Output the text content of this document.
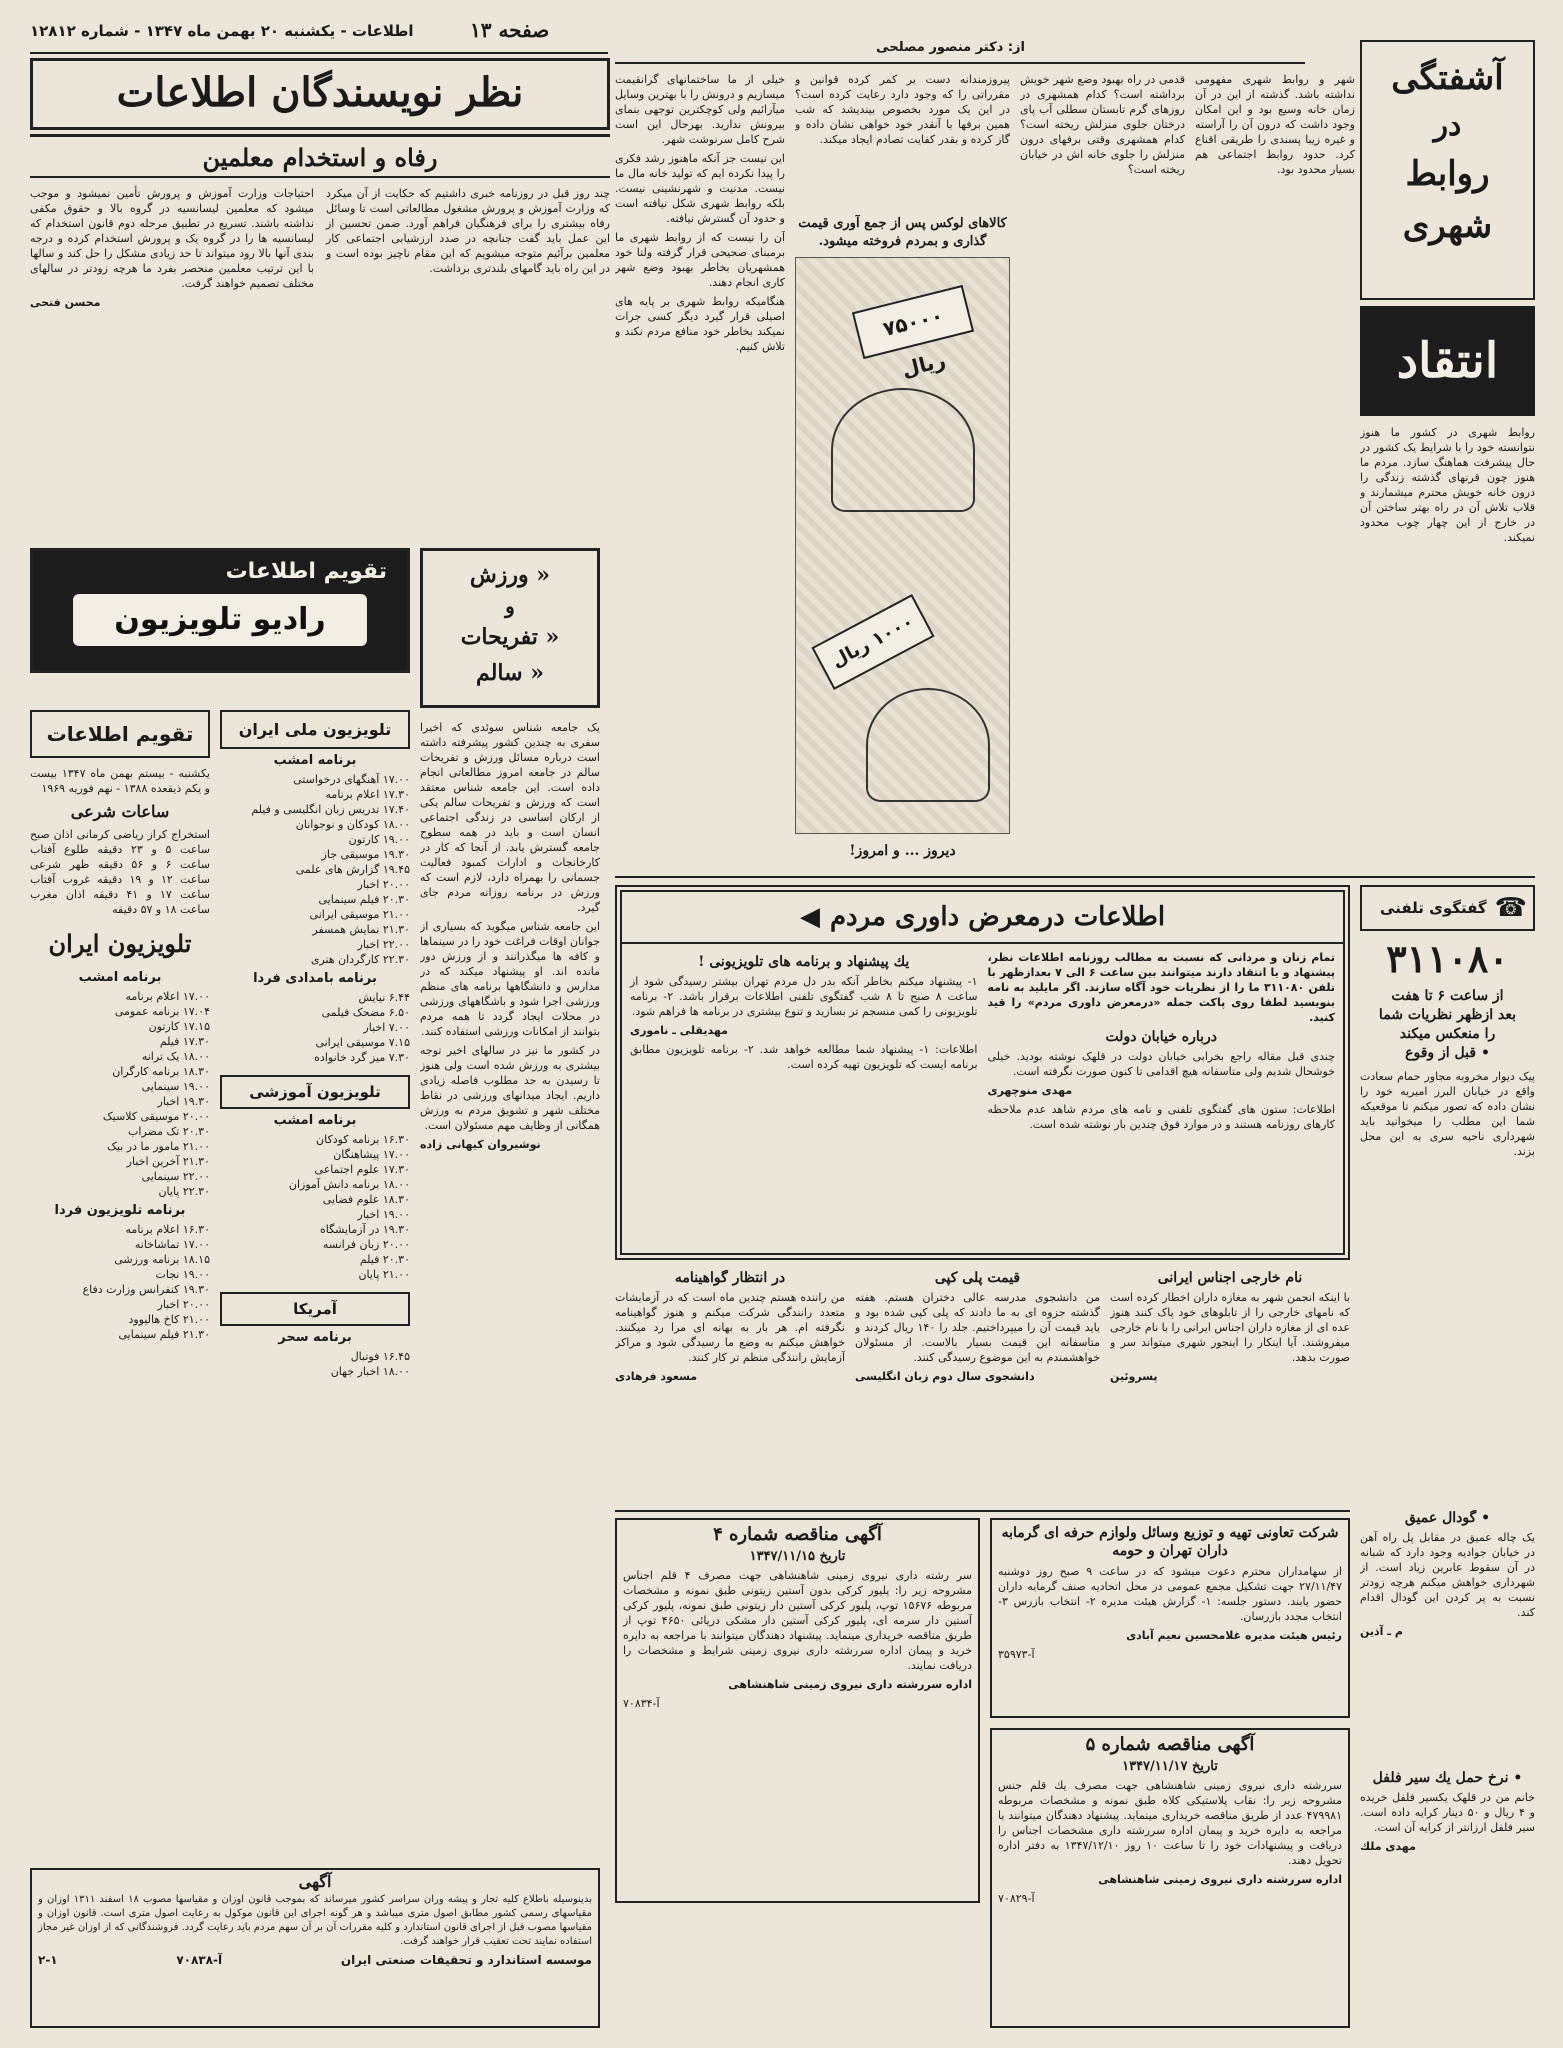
اطلاعات - یکشنبه ۲۰ بهمن ماه ۱۳۴۷ - شماره ۱۲۸۱۲	صفحه ۱۳
نظر نویسندگان اطلاعات
رفاه و استخدام معلمین

چند روز قبل در روزنامه خبری داشتیم که حکایت از آن میکرد که وزارت آموزش و پرورش مشغول مطالعاتی است تا وسائل رفاه بیشتری را برای فرهنگیان فراهم آورد. ضمن تحسین از این عمل باید گفت جنانچه در صدد ارزشیابی اجتماعی کار معلمین برآئیم متوجه میشویم که این مقام ناچیز بوده است و در این راه باید گامهای بلندتری برداشت.

احتیاجات وزارت آموزش و پرورش تأمین نمیشود و موجب میشود که معلمین لیسانسیه در گروه بالا و حقوق مکفی نداشته باشند. تسریع در تطبیق مرحله دوم قانون استخدام که لیسانسیه ها را در گروه یک و پرورش استخدام کرده و درجه بندی آنها بالا رود میتواند تا حد زیادی مشکل را حل کند و سالها با این ترتیب معلمین منحصر بفرد ما هرچه زودتر در سالهای مختلف تصمیم خواهند گرفت.

محسن فتحی

از: دکتر منصور مصلحی
آشفتگی
در
روابط
شهری
انتقاد

روابط شهری در کشور ما هنوز نتوانسته خود را با شرایط یک کشور در حال پیشرفت هماهنگ سازد. مردم ما هنوز چون قرنهای گذشته زندگی را درون خانه خویش محترم میشمارند و قلاب تلاش آن در راه بهتر ساختن آن در خارج از این چهار چوب محدود نمیکند.

شهر و روابط شهری مفهومی نداشته باشد. گذشته از این در آن زمان خانه وسیع بود و این امکان وجود داشت که درون آن را آراسته و غیره زیبا پسندی را طریقی اقناع کرد. حدود روابط اجتماعی هم بسیار محدود بود.

قدمی در راه بهبود وضع شهر خویش برداشته است؟ کدام همشهری در روزهای گرم تابستان سطلی آب پای درختان جلوی منزلش ریخته است؟ کدام همشهری وقتی برفهای درون منزلش را جلوی خانه اش در خیابان ریخته است؟

پیروزمندانه دست بر کمر کرده قوانین و مقرراتی را که وجود دارد رعایت کرده است؟ در این یک مورد بخصوص بیندیشد که شب همین برفها با آنقدر خود خواهی نشان داده و گاز کرده و بقدر کفایت تصادم ایجاد میکند.

خیلی از ما ساختمانهای گرانقیمت میسازیم و درونش را با بهترین وسایل میآرائیم ولی کوچکترین توجهی بنمای بیرونش ندارید. بهرحال این است شرح کامل سرنوشت شهر.

این نیست جز آنکه ماهنوز رشد فکری را پیدا نکرده ایم که تولید خانه مال ما نیست. مدنیت و شهرنشینی نیست. بلکه روابط شهری شکل نیافته است و حدود آن گسترش نیافته.

آن را نیست که از روابط شهری ما برمبنای صحیحی قرار گرفته ولتا خود همشهریان بخاطر بهبود وضع شهر کاری انجام دهند.

هنگامیکه روابط شهری بر پایه های اصیلی قرار گیرد دیگر کسی جرات نمیکند بخاطر خود منافع مردم نکند و تلاش کنیم.

کالاهای لوکس پس از جمع آوری قیمت گذاری و بمردم فروخته میشود.
۷۵۰۰۰ ریال
۱۰۰۰ ریال
دیروز ... و امروز!
تقویم اطلاعات
رادیو تلویزیون
تقویم اطلاعات

یکشنبه - بیستم بهمن ماه ۱۳۴۷ بیست و یکم ذیقعده ۱۳۸۸ - نهم فوریه ۱۹۶۹

ساعات شرعی

استخراج کراز ریاضی کرمانی اذان صبح ساعت ۵ و ۲۳ دقیقه طلوع آفتاب ساعت ۶ و ۵۶ دقیقه ظهر شرعی ساعت ۱۲ و ۱۹ دقیقه غروب آفتاب ساعت ۱۷ و ۴۱ دقیقه اذان مغرب ساعت ۱۸ و ۵۷ دقیقه

تلویزیون ایران
برنامه امشب
۱۷.۰۰ اعلام برنامه
۱۷.۰۴ برنامه عمومی
۱۷.۱۵ کارتون
۱۷.۳۰ فیلم
۱۸.۰۰ یک ترانه
۱۸.۳۰ برنامه کارگران
۱۹.۰۰ سینمایی
۱۹.۳۰ اخبار
۲۰.۰۰ موسیقی کلاسیک
۲۰.۳۰ تک مضراب
۲۱.۰۰ مامور ما در بیک
۲۱.۳۰ آخرین اخبار
۲۲.۰۰ سینمایی
۲۲.۳۰ پایان
برنامه تلویزیون فردا
۱۶.۳۰ اعلام برنامه
۱۷.۰۰ تماشاخانه
۱۸.۱۵ برنامه ورزشی
۱۹.۰۰ نجات
۱۹.۳۰ کنفرانس وزارت دفاع
۲۰.۰۰ اخبار
۲۱.۰۰ کاخ هالیوود
۲۱.۳۰ فیلم سینمایی
تلویزیون ملی ایران
برنامه امشب
۱۷.۰۰ آهنگهای درخواستی
۱۷.۳۰ اعلام برنامه
۱۷.۴۰ تدریس زبان انگلیسی و فیلم
۱۸.۰۰ کودکان و نوجوانان
۱۹.۰۰ کارتون
۱۹.۳۰ موسیقی جاز
۱۹.۴۵ گزارش های علمی
۲۰.۰۰ اخبار
۲۰.۳۰ فیلم سینمایی
۲۱.۰۰ موسیقی ایرانی
۲۱.۳۰ نمایش همسفر
۲۲.۰۰ اخبار
۲۲.۳۰ کارگردان هنری
برنامه بامدادی فردا
۶.۴۴ نیایش
۶.۵۰ مضحک فیلمی
۷.۰۰ اخبار
۷.۱۵ موسیقی ایرانی
۷.۳۰ میز گرد خانواده
تلویزیون آموزشی
برنامه امشب
۱۶.۳۰ برنامه کودکان
۱۷.۰۰ پیشاهنگان
۱۷.۳۰ علوم اجتماعی
۱۸.۰۰ برنامه دانش آموزان
۱۸.۳۰ علوم فضایی
۱۹.۰۰ اخبار
۱۹.۳۰ در آزمایشگاه
۲۰.۰۰ زبان فرانسه
۲۰.۳۰ فیلم
۲۱.۰۰ پایان
آمریکا
برنامه سحر
۱۶.۴۵ فوتبال
۱۸.۰۰ اخبار جهان
« ورزش
و
« تفریحات
« سالم

یک جامعه شناس سوئدی که اخیرا سفری به چندین کشور پیشرفته داشته است درباره مسائل ورزش و تفریحات سالم در جامعه امروز مطالعاتی انجام داده است. این جامعه شناس معتقد است که ورزش و تفریحات سالم یکی از ارکان اساسی در زندگی اجتماعی انسان است و باید در همه سطوح جامعه گسترش یابد. از آنجا که کار در کارخانجات و ادارات کمبود فعالیت جسمانی را بهمراه دارد، لازم است که ورزش در برنامه روزانه مردم جای گیرد.

این جامعه شناس میگوید که بسیاری از جوانان اوقات فراغت خود را در سینماها و کافه ها میگذرانند و از ورزش دور مانده اند. او پیشنهاد میکند که در مدارس و دانشگاهها برنامه های منظم ورزشی اجرا شود و باشگاههای ورزشی در محلات ایجاد گردد تا همه مردم بتوانند از امکانات ورزشی استفاده کنند.

در کشور ما نیز در سالهای اخیر توجه بیشتری به ورزش شده است ولی هنوز تا رسیدن به حد مطلوب فاصله زیادی داریم. ایجاد میدانهای ورزشی در نقاط مختلف شهر و تشویق مردم به ورزش همگانی از وظایف مهم مسئولان است.

نوشیروان کیهانی زاده

☎
گفتگوی تلفنی
۳۱۱۰۸۰
از ساعت ۶ تا هفت
بعد ازظهر نظریات شما
را منعکس میکند
• قبل از وقوع

پیک دیوار مخروبه مجاور حمام سعادت واقع در خیابان البرز امیریه خود را نشان داده که تصور میکنم تا موقعیکه شما این مطلب را میخوانید باید شهرداری ناحیه سری به این محل بزند.

اطلاعات درمعرض داوری مردم
◀

تمام زنان و مردانی که نسبت به مطالب روزنامه اطلاعات نظر، پیشنهاد و یا انتقاد دارند میتوانند بین ساعت ۶ الی ۷ بعدازظهر با تلفن ۳۱۱۰۸۰ ما را از نظریات خود آگاه سازند. اگر مایلید به نامه بنویسید لطفا روی پاکت جمله «درمعرض داوری مردم» را قید کنید.

درباره خیابان دولت

چندی قبل مقاله راجع بخرابی خیابان دولت در قلهک نوشته بودید. خیلی خوشحال شدیم ولی متاسفانه هیچ اقدامی تا کنون صورت نگرفته است.

مهدی منوچهری

اطلاعات: ستون های گفتگوی تلفنی و نامه های مردم شاهد عدم ملاحظه کارهای روزنامه هستند و در موارد فوق چندین بار نوشته شده است.

یك پیشنهاد و برنامه های تلویزیونی !

۱- پیشنهاد میکنم بخاطر آنکه بدر دل مردم تهران بیشتر رسیدگی شود از ساعت ۸ صبح تا ۸ شب گفتگوی تلفنی اطلاعات برقرار باشد. ۲- برنامه تلویزیونی را کمی منسجم تر بسازید و تنوع بیشتری در برنامه ها فراهم شود.

مهدیقلی ـ ناموری

اطلاعات: ۱- پیشنهاد شما مطالعه خواهد شد. ۲- برنامه تلویزیون مطابق برنامه ایست که تلویزیون تهیه کرده است.

در انتظار گواهینامه

من راننده هستم چندین ماه است که در آزمایشات متعدد رانندگی شرکت میکنم و هنوز گواهینامه نگرفته ام. هر بار به بهانه ای مرا رد میکنند. خواهش میکنم به وضع ما رسیدگی شود و مراکز آزمایش رانندگی منظم تر کار کنند.

مسعود فرهادی

قیمت پلی کپی

من دانشجوی مدرسه عالی دختران هستم. هفته گذشته جزوه ای به ما دادند که پلی کپی شده بود و باید قیمت آن را میپرداختیم. جلد را ۱۴۰ ریال کردند و متاسفانه این قیمت بسیار بالاست. از مسئولان خواهشمندم به این موضوع رسیدگی کنند.

دانشجوی سال دوم زبان انگلیسی

نام خارجی اجناس ایرانی

با اینکه انجمن شهر به مغازه داران اخطار کرده است که نامهای خارجی را از تابلوهای خود پاک کنند هنوز عده ای از مغازه داران اجناس ایرانی را با نام خارجی میفروشند. آیا اینکار را اینجور شهری میتواند سر و صورت بدهد.

پسروئین

• گودال عمیق

یک چاله عمیق در مقابل پل راه آهن در خیابان جوادیه وجود دارد که شبانه در آن سقوط عابرین زیاد است. از شهرداری خواهش میکنم هرچه زودتر نسبت به پر کردن این گودال اقدام کند.

م ـ آذین

• نرخ حمل یك سیر فلفل

خانم من در قلهک یکسیر فلفل خریده و ۴ ریال و ۵۰ دینار کرایه داده است. سیر فلفل ارزانتر از کرایه آن است.

مهدی ملك

شرکت تعاونی تهیه و توزیع وسائل ولوازم حرفه ای گرمابه داران تهران و حومه

از سهامداران محترم دعوت میشود که در ساعت ۹ صبح روز دوشنبه ۲۷/۱۱/۴۷ جهت تشکیل مجمع عمومی در محل اتحادیه صنف گرمابه داران حضور یابند. دستور جلسه: ۱- گزارش هیئت مدیره ۲- انتخاب بازرس ۳- انتخاب مجدد بازرسان.

رئیس هیئت مدیره غلامحسین نعیم آبادی

آ-۳۵۹۷۳

آگهی مناقصه شماره ۴
تاریخ ۱۳۴۷/۱۱/۱۵

سر رشته داری نیروی زمینی شاهنشاهی جهت مصرف ۴ قلم اجناس مشروحه زیر را: پلیور کرکی بدون آستین زیتونی طبق نمونه و مشخصات مربوطه ۱۵۶۷۶ توپ، پلیور کرکی آستین دار زیتونی طبق نمونه، پلیور کرکی آستین دار سرمه ای، پلیور کرکی آستین دار مشکی دریائی ۴۶۵۰ توپ از طریق مناقصه خریداری مینماید. پیشنهاد دهندگان میتوانند با مراجعه به دایره خرید و پیمان اداره سررشته داری نیروی زمینی شرایط و مشخصات را دریافت نمایند.

اداره سررشته داری نیروی زمینی شاهنشاهی

آ-۷۰۸۳۴

آگهی مناقصه شماره ۵
تاریخ ۱۳۴۷/۱۱/۱۷

سررشته داری نیروی زمینی شاهنشاهی جهت مصرف یك قلم جنس مشروحه زیر را: نقاب پلاستیکی کلاه طبق نمونه و مشخصات مربوطه ۴۷۹۹۸۱ عدد از طریق مناقصه خریداری مینماید. پیشنهاد دهندگان میتوانند با مراجعه به دایره خرید و پیمان اداره سررشته داری مشخصات اجناس را دریافت و پیشنهادات خود را تا ساعت ۱۰ روز ۱۳۴۷/۱۲/۱۰ به دفتر اداره تحویل دهند.

اداره سررشته داری نیروی زمینی شاهنشاهی

آ-۷۰۸۲۹

آگهی

بدینوسیله باطلاع کلیه تجار و پیشه وران سراسر کشور میرساند که بموجب قانون اوزان و مقیاسها مصوب ۱۸ اسفند ۱۳۱۱ اوزان و مقیاسهای رسمی کشور مطابق اصول متری میباشد و هر گونه اجرای این قانون موکول به رعایت اصول متری است. قانون اوزان و مقیاسها مصوب قبل از اجرای قانون استاندارد و کلیه مقررات آن بر آن سهم مردم باید رعایت گردد. فروشندگانی که از اوزان غیر مجاز استفاده نمایند تحت تعقیب قرار خواهند گرفت.

موسسه استاندارد و تحقیقات صنعتی ایران
آ-۷۰۸۳۸
۲-۱
